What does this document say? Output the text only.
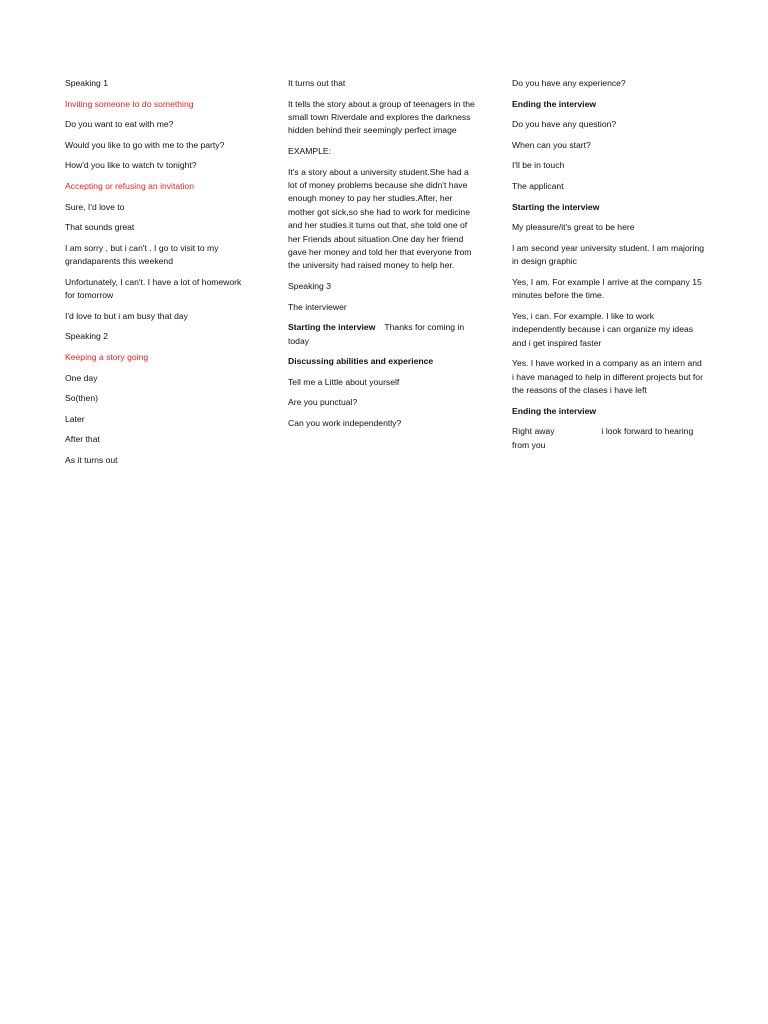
Speaking 1

Inviting someone to do something

Do you want to eat with me?

Would you like to go with me to the party?

How'd you like to watch tv tonight?

Accepting or refusing an invitation

Sure, I'd love to

That sounds great

I am sorry , but i can't . I go to visit to my grandaparents this weekend

Unfortunately, I can't. I have a lot of homework for tomorrow

I'd love to but i am busy that day

Speaking 2

Keeping a story going

One day

So(then)

Later

After that

As it turns out

It turns out that

It tells the story about a group of teenagers in the small town Riverdale and explores the darkness hidden behind their seemingly perfect image

EXAMPLE:

It's a story about a university student.She had a lot of money problems because she didn't have enough money to pay her studies.After, her mother got sick,so she had to work for medicine and her studies.it turns out that, she told one of her Friends about situation.One day her friend gave her money and told her that everyone from the university had raised money to help her.

Speaking 3

The interviewer

Starting the interview Thanks for coming in today

Discussing abilities and experience

Tell me a Little about yourself

Are you punctual?

Can you work independently?

Do you have any experience?

Ending the interview

Do you have any question?

When can you start?

I'll be in touch

The applicant

Starting the interview

My pleasure/it's great to be here

I am second year university student. I am majoring in design graphic

Yes, I am. For example I arrive at the company 15 minutes before the time.

Yes, i can. For example. I like to work independently because i can organize my ideas and i get inspired faster

Yes. I have worked in a company as an intern and i have managed to help in different projects but for the reasons of the clases i have left

Ending the interview

Right away	i look forward to hearing from you
